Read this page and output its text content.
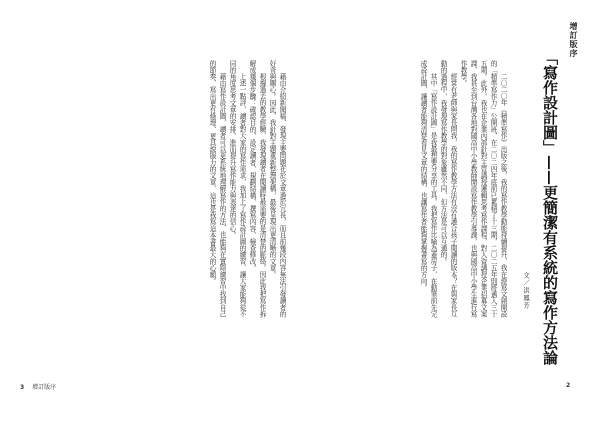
藉由介紹新聞稿、發現主要問題在於文章過於冗長，而且前幾段內容無法引發讀者的好奇與關心。因此，我針對主題重新整理架構，最後呈現出更清晰的文章。

根據過去的教學經驗，我發現讀者在閱讀時最需要的是清楚的脈絡。因此我把寫作拆解成幾個步驟：確認目的、設定讀者、規劃結構、撰寫內容、檢查修改。

上述一點評，讀者對大家的寫作需求，我加上了寫作設計圖的練習，讓大家能夠從不同的角度思考文章的安排，進而提升寫作能力與表達的信心。

藉由寫作設計圖，讀者可以更系統地理解寫作的方法，也能夠在實際練習中找到自己的節奏，寫出更有條理、更具說服力的文章，這也是我寫這本書最大的心願。

3 增訂版序
增訂版序
「寫作設計圖」——更簡潔有系統的寫作方法論
文／洪鳳芳

二〇二〇年《精準寫作》出版之後，我的寫作教學動能持續提升，我在證寫文創開設的「精準寫作力」公開班，在二〇二四年底前已累積了十三期，二〇二五年則將邁入三十五期。此外，我也在企業內部針對主管講授邏輯思考寫作課程，對人資講授企業招募文案課，我甚至到台灣各地對國高中小學教師開設寫作教學引導課，也與國高中小學生進行寫作教學。

經常有老師與家長問我，我的寫作教學方法有沒有適合孩子閱讀的版本？在與家長互動的過程中，我發現寫作教學的對象雖然不同，但方法是可以互通的。

其中「寫作設計圖」是我最想要分享的工具。我把寫作比喻為蓋房子，在動筆前先完成設計圖，讓讀者能夠清楚看見文章的結構，也讓寫作者能夠掌握書寫的方向。

2
